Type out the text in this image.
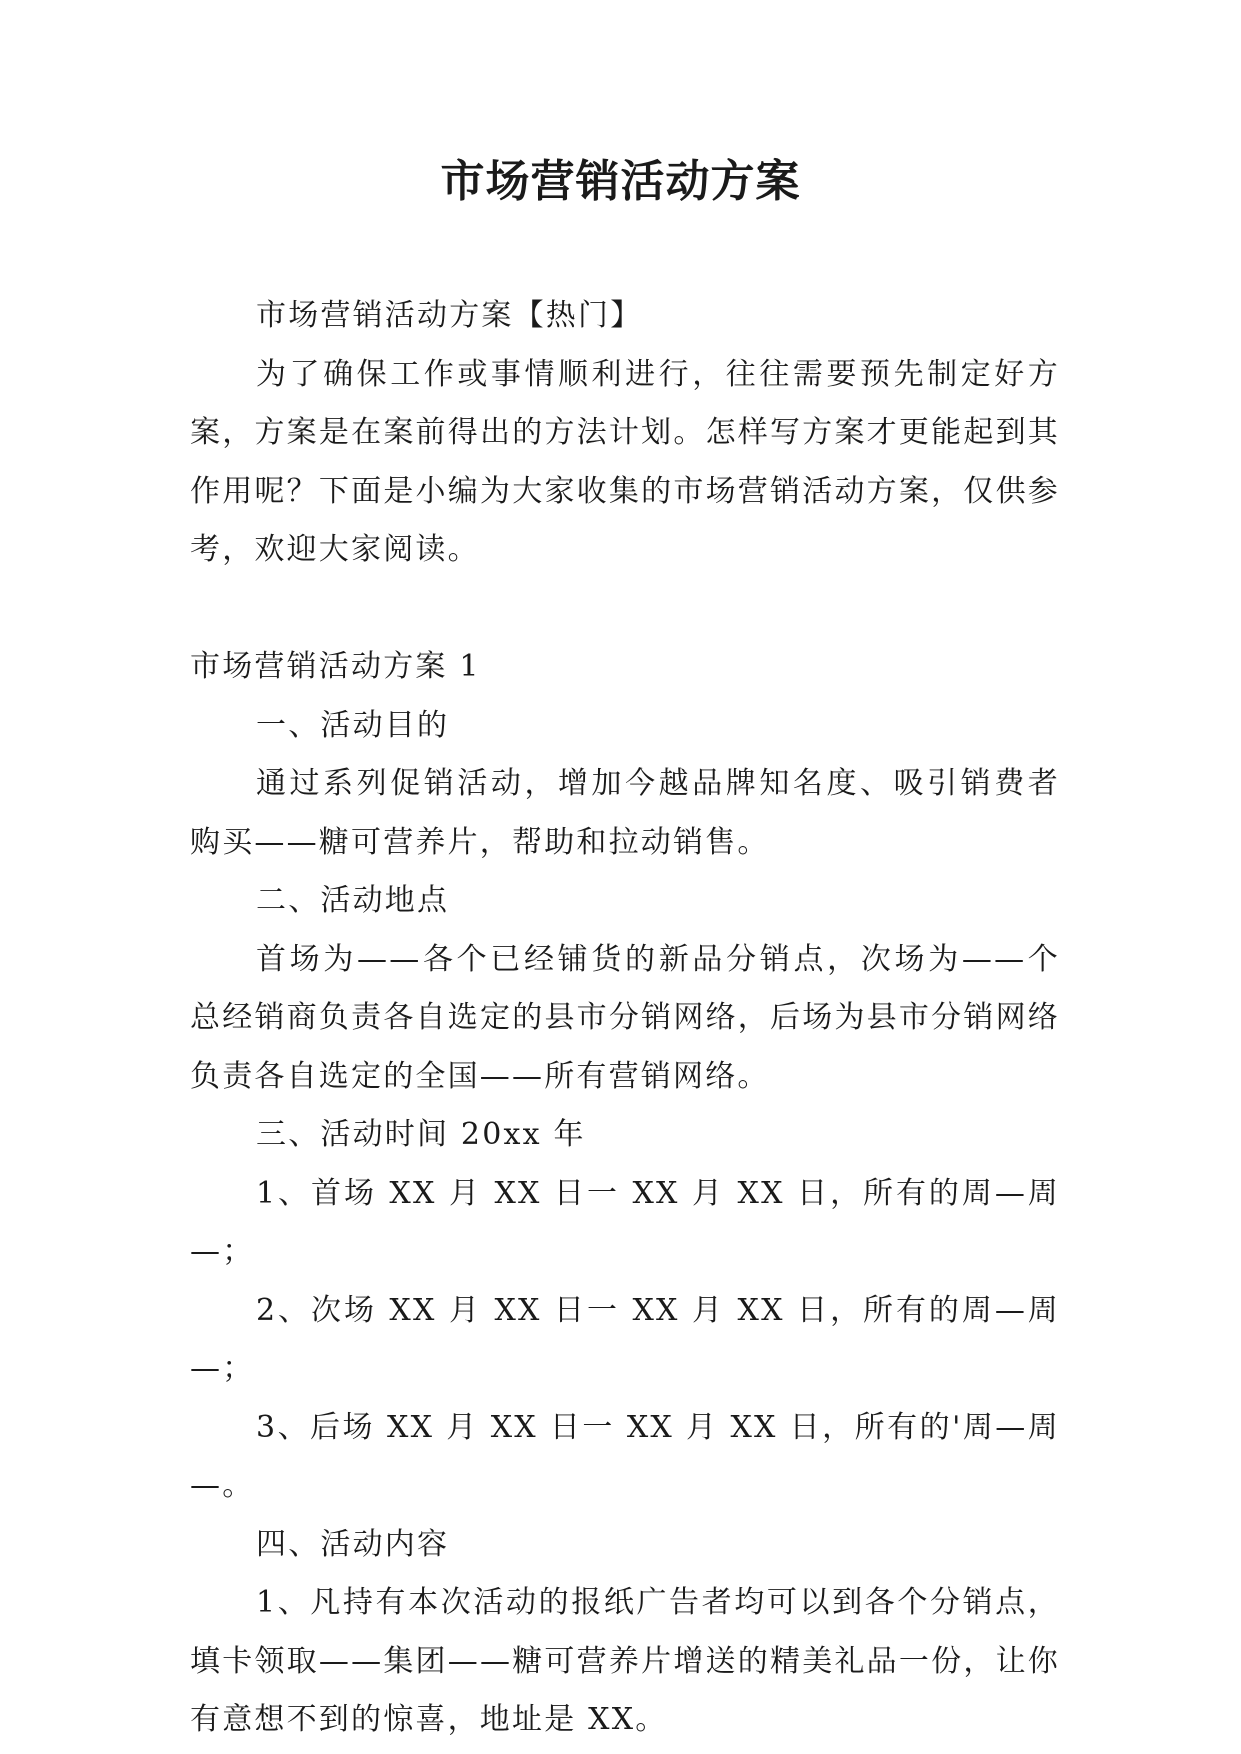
市场营销活动方案

市场营销活动方案【热门】

为了确保工作或事情顺利进行，往往需要预先制定好方案，方案是在案前得出的方法计划。怎样写方案才更能起到其作用呢？下面是小编为大家收集的市场营销活动方案，仅供参考，欢迎大家阅读。

市场营销活动方案 1

一、活动目的

通过系列促销活动，增加今越品牌知名度、吸引销费者购买——糖可营养片，帮助和拉动销售。

二、活动地点

首场为——各个已经铺货的新品分销点，次场为——个总经销商负责各自选定的县市分销网络，后场为县市分销网络负责各自选定的全国——所有营销网络。

三、活动时间 20xx 年

1、首场 XX 月 XX 日一 XX 月 XX 日，所有的周—周—；

2、次场 XX 月 XX 日一 XX 月 XX 日，所有的周—周—；

3、后场 XX 月 XX 日一 XX 月 XX 日，所有的'周—周—。

四、活动内容

1、凡持有本次活动的报纸广告者均可以到各个分销点，填卡领取——集团——糖可营养片增送的精美礼品一份，让你有意想不到的惊喜，地址是 XX。
